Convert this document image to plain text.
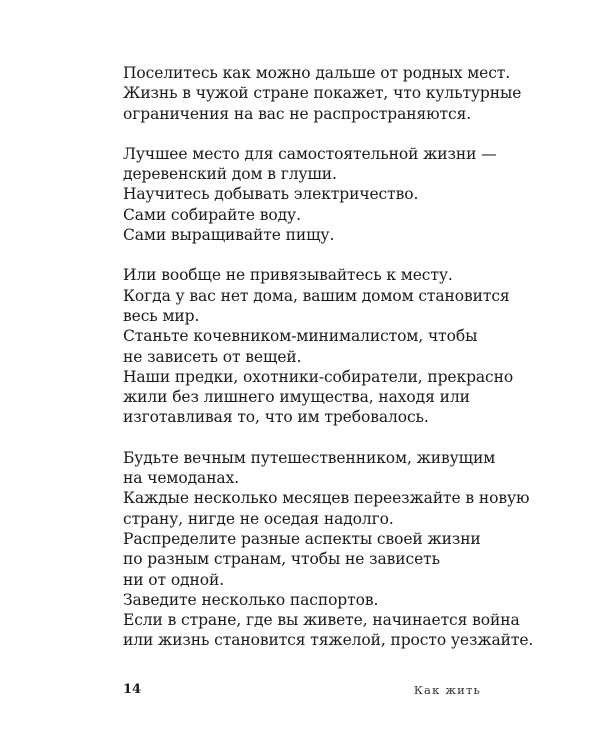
Поселитесь как можно дальше от родных мест.
Жизнь в чужой стране покажет, что культурные
ограничения на вас не распространяются.

Лучшее место для самостоятельной жизни —
деревенский дом в глуши.
Научитесь добывать электричество.
Сами собирайте воду.
Сами выращивайте пищу.

Или вообще не привязывайтесь к месту.
Когда у вас нет дома, вашим домом становится
весь мир.
Станьте кочевником-минималистом, чтобы
не зависеть от вещей.
Наши предки, охотники-собиратели, прекрасно
жили без лишнего имущества, находя или
изготавливая то, что им требовалось.

Будьте вечным путешественником, живущим
на чемоданах.
Каждые несколько месяцев переезжайте в новую
страну, нигде не оседая надолго.
Распределите разные аспекты своей жизни
по разным странам, чтобы не зависеть
ни от одной.
Заведите несколько паспортов.
Если в стране, где вы живете, начинается война
или жизнь становится тяжелой, просто уезжайте.

14	Как жить
